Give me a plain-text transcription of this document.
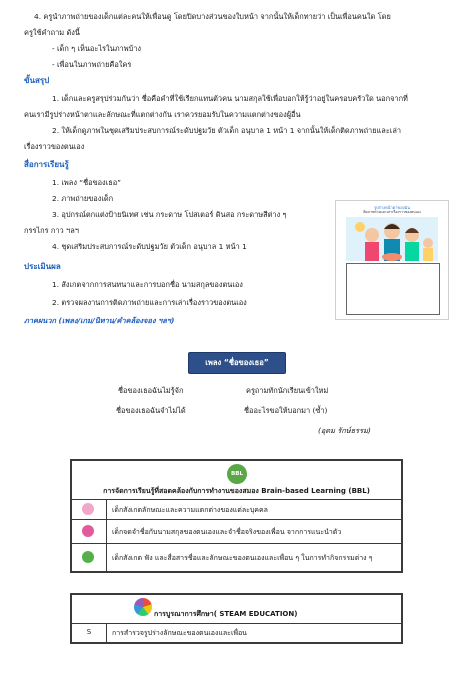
4. ครูนำภาพถ่ายของเด็กแต่ละคนให้เพื่อนดู โดยปิดบางส่วนของใบหน้า จากนั้นให้เด็กทายว่า เป็นเพื่อนคนใด โดย
ครูใช้คำถาม ดังนี้
- เด็ก ๆ เห็นอะไรในภาพบ้าง
- เพื่อนในภาพถ่ายคือใคร
ขั้นสรุป
1. เด็กและครูสรุปร่วมกันว่า ชื่อคือคำที่ใช้เรียกแทนตัวคน นามสกุลใช้เพื่อบอกให้รู้ว่าอยู่ในครอบครัวใด นอกจากที่
คนเรามีรูปร่างหน้าตาและลักษณะที่แตกต่างกัน เราควรยอมรับในความแตกต่างของผู้อื่น
2. ให้เด็กดูภาพในชุดเสริมประสบการณ์ระดับปฐมวัย ตัวเด็ก อนุบาล 1 หน้า 1 จากนั้นให้เด็กติดภาพถ่ายและเล่า
เรื่องราวของตนเอง
สื่อการเรียนรู้
1. เพลง “ชื่อของเธอ”
2. ภาพถ่ายของเด็ก
3. อุปกรณ์ตกแต่งป้ายนิเทศ เช่น กระดาษ โปสเตอร์ ดินสอ กระดาษสีต่าง ๆ
กรรไกร กาว ฯลฯ
4. ชุดเสริมประสบการณ์ระดับปฐมวัย ตัวเด็ก อนุบาล 1 หน้า 1
รูปร่างหน้าตาของฉัน
ติดภาพถ่ายและเล่าเรื่องราวของตนเอง
ประเมินผล
1. สังเกตจากการสนทนาและการบอกชื่อ นามสกุลของตนเอง
2. ตรวจผลงานการติดภาพถ่ายและการเล่าเรื่องราวของตนเอง
ภาคผนวก (เพลง/เกม/นิทาน/คำคล้องจอง ฯลฯ)
เพลง “ชื่อของเธอ”
ชื่อของเธอฉันไม่รู้จัก	ครูถามทักนักเรียนเข้าใหม่
ชื่อของเธอฉันจำไม่ได้	ชื่ออะไรขอให้บอกมา (ซ้ำ)
(อุดม รักษ์ธรรม)
BBL
การจัดการเรียนรู้ที่สอดคล้องกับการทำงานของสมอง Brain-based Learning (BBL)
เด็กสังเกตลักษณะและความแตกต่างของแต่ละบุคคล
เด็กจดจำชื่อกับนามสกุลของตนเองและจำชื่อจริงของเพื่อน จากการแนะนำตัว
เด็กสังเกต ฟัง และสื่อสารชื่อและลักษณะของตนเองและเพื่อน ๆ ในการทำกิจกรรมต่าง ๆ
การบูรณาการศึกษา( STEAM EDUCATION)
S	การสำรวจรูปร่างลักษณะของตนเองและเพื่อน
